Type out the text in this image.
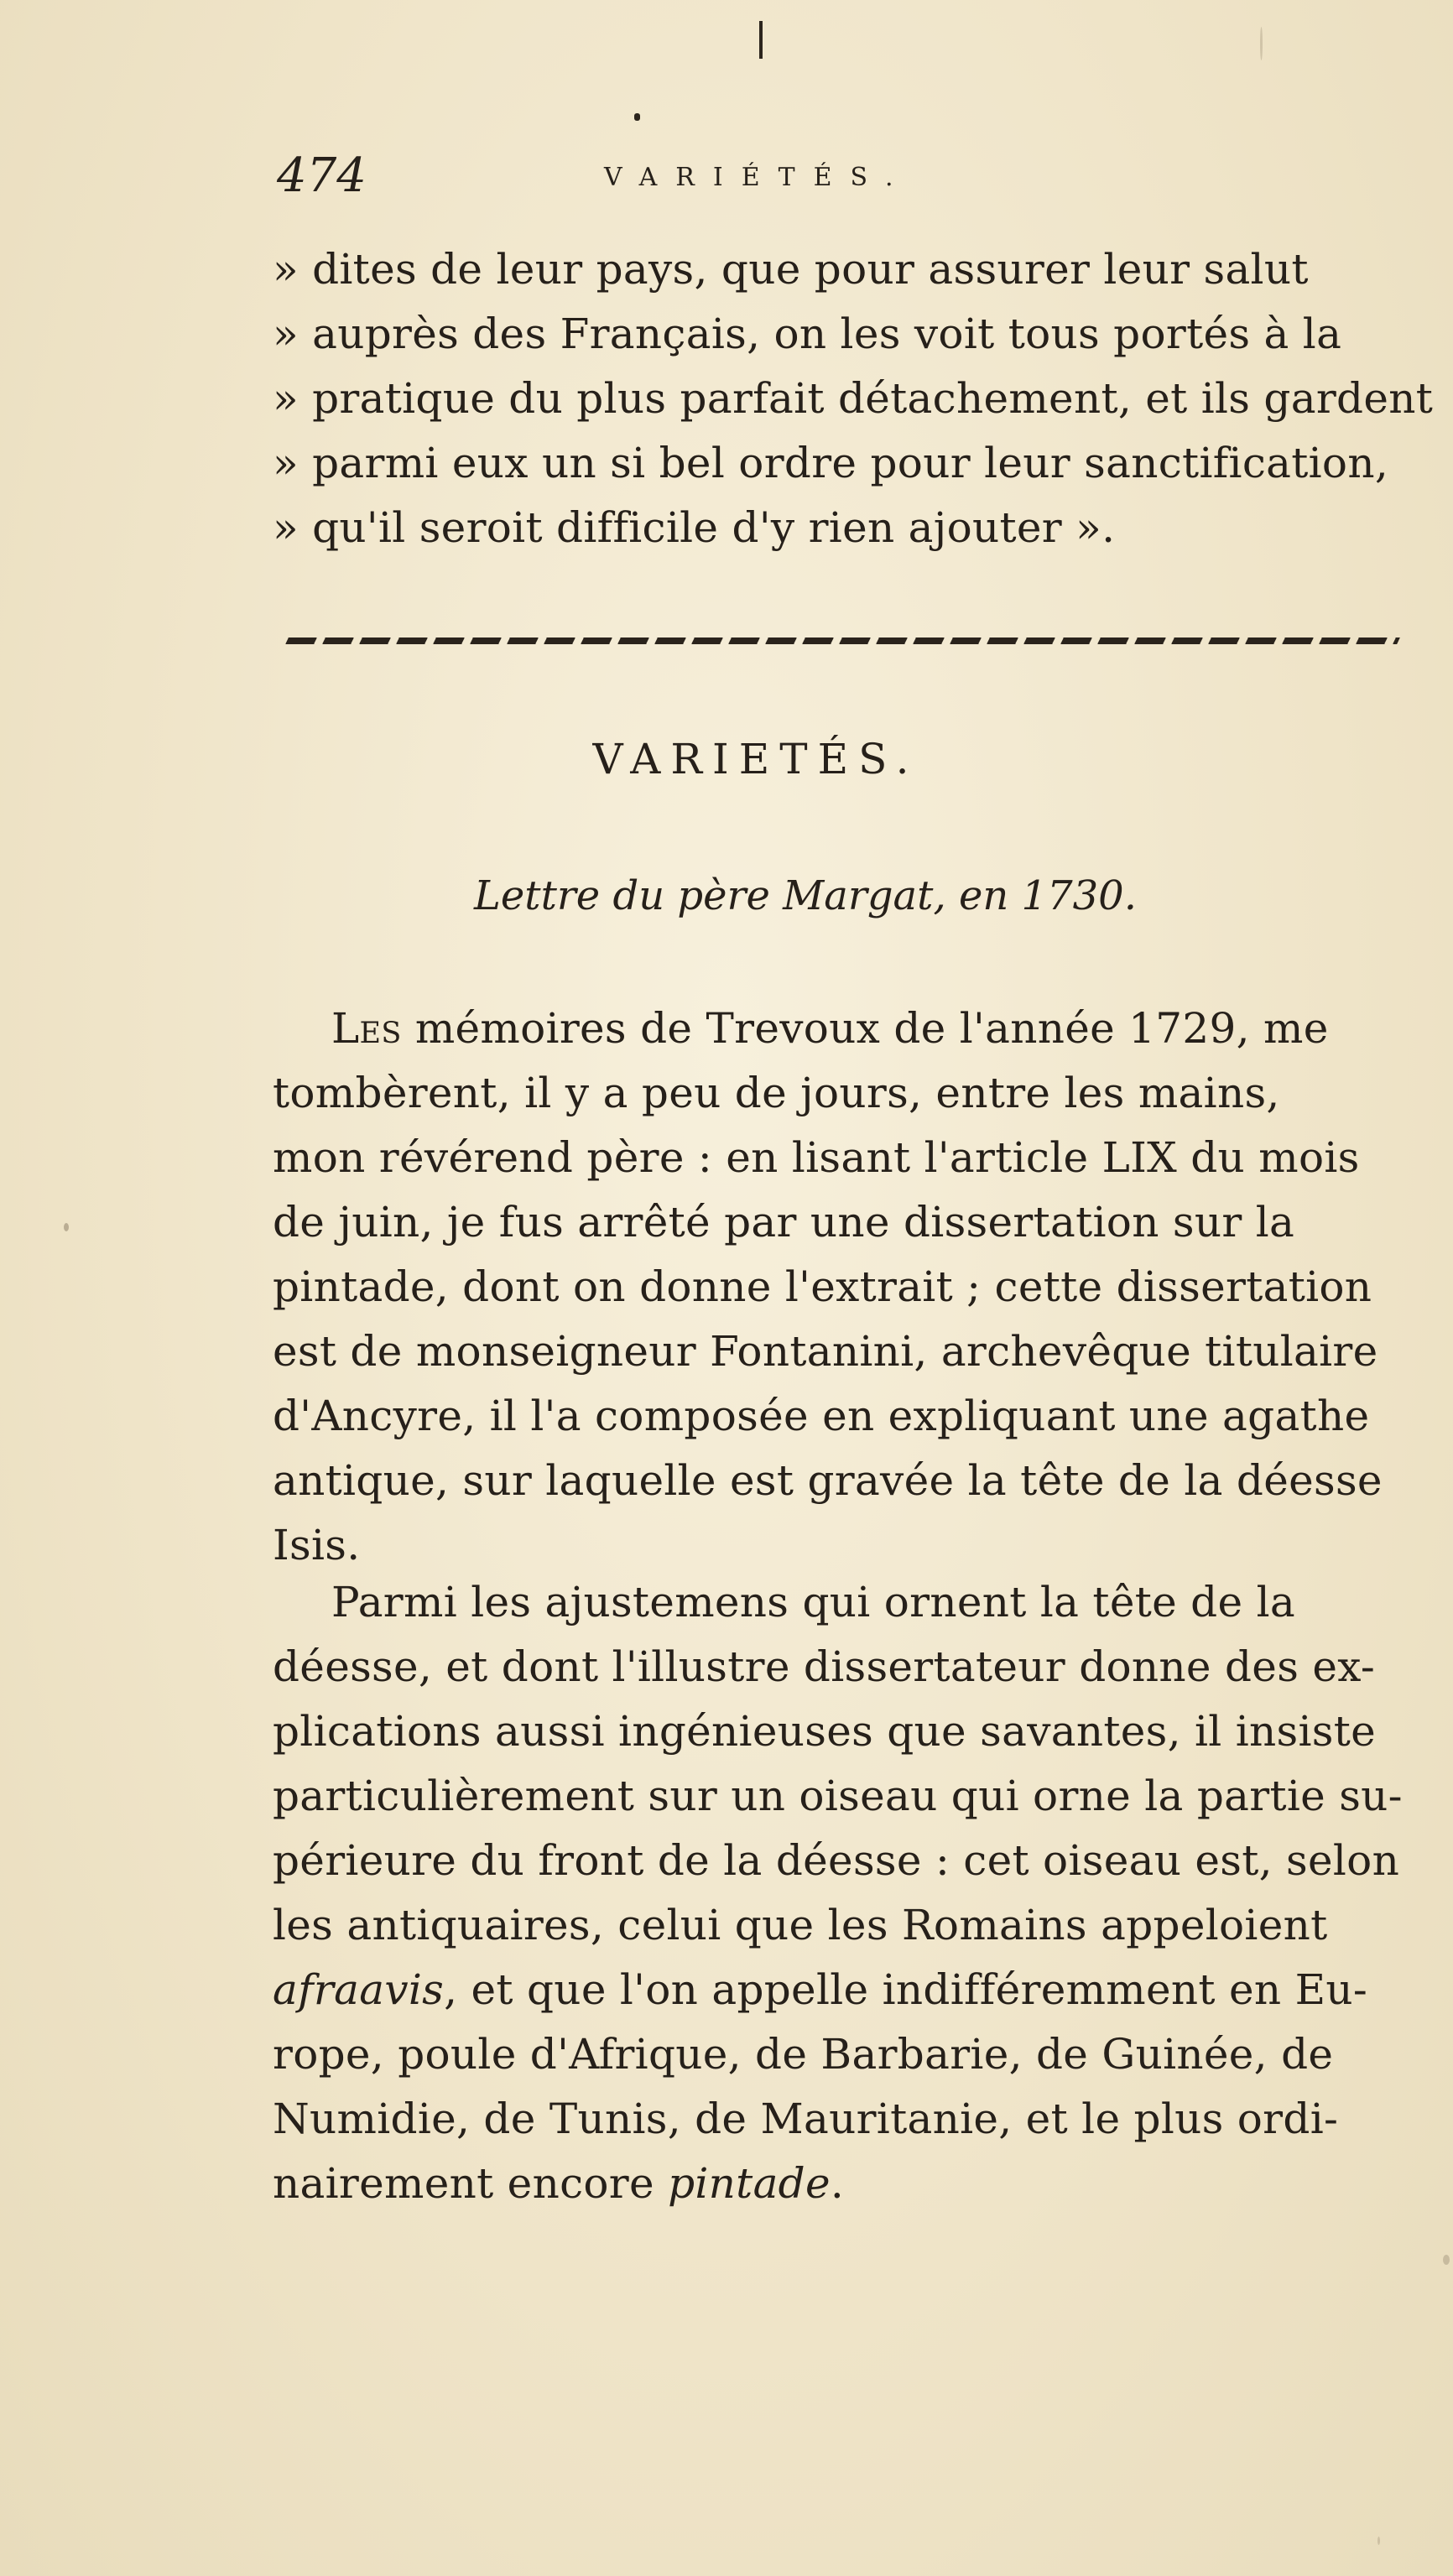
474	VARIÉTÉS.
» dites de leur pays, que pour assurer leur salut
» auprès des Français, on les voit tous portés à la
» pratique du plus parfait détachement, et ils gardent
» parmi eux un si bel ordre pour leur sanctification,
» qu'il seroit difficile d'y rien ajouter ».
VARIETÉS.
Lettre du père Margat, en 1730.
Les mémoires de Trevoux de l'année 1729, me
tombèrent, il y a peu de jours, entre les mains,
mon révérend père : en lisant l'article LIX du mois
de juin, je fus arrêté par une dissertation sur la
pintade, dont on donne l'extrait ; cette dissertation
est de monseigneur Fontanini, archevêque titulaire
d'Ancyre, il l'a composée en expliquant une agathe
antique, sur laquelle est gravée la tête de la déesse
Isis.
Parmi les ajustemens qui ornent la tête de la
déesse, et dont l'illustre dissertateur donne des ex-
plications aussi ingénieuses que savantes, il insiste
particulièrement sur un oiseau qui orne la partie su-
périeure du front de la déesse : cet oiseau est, selon
les antiquaires, celui que les Romains appeloient
afraavis, et que l'on appelle indifféremment en Eu-
rope, poule d'Afrique, de Barbarie, de Guinée, de
Numidie, de Tunis, de Mauritanie, et le plus ordi-
nairement encore pintade.
